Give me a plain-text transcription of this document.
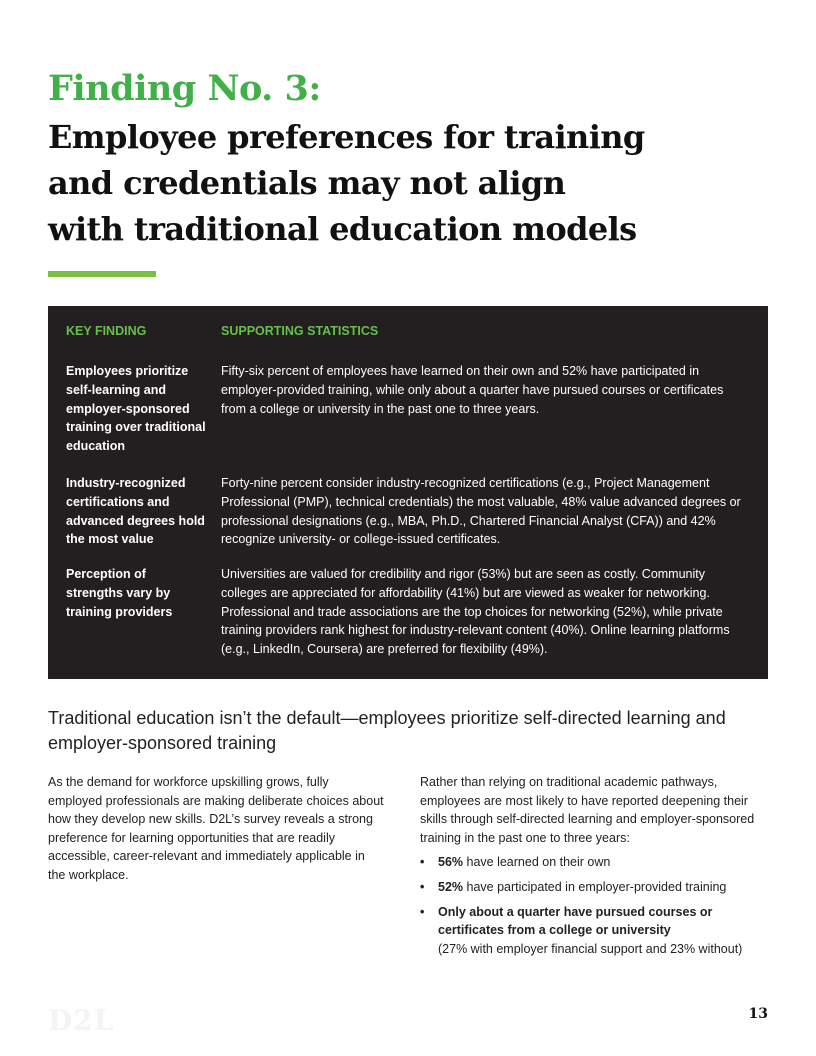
Finding No. 3:
Employee preferences for training
and credentials may not align
with traditional education models
KEY FINDING	SUPPORTING STATISTICS
Employees prioritize self-learning and employer-sponsored training over traditional education
Fifty-six percent of employees have learned on their own and 52% have participated in employer-provided training, while only about a quarter have pursued courses or certificates from a college or university in the past one to three years.
Industry-recognized certifications and advanced degrees hold the most value
Forty-nine percent consider industry-recognized certifications (e.g., Project Management Professional (PMP), technical credentials) the most valuable, 48% value advanced degrees or professional designations (e.g., MBA, Ph.D., Chartered Financial Analyst (CFA)) and 42% recognize university- or college-issued certificates.
Perception of strengths vary by training providers
Universities are valued for credibility and rigor (53%) but are seen as costly. Community colleges are appreciated for affordability (41%) but are viewed as weaker for networking. Professional and trade associations are the top choices for networking (52%), while private training providers rank highest for industry-relevant content (40%). Online learning platforms (e.g., LinkedIn, Coursera) are preferred for flexibility (49%).
Traditional education isn’t the default—employees prioritize self-directed learning and employer-sponsored training

As the demand for workforce upskilling grows, fully employed professionals are making deliberate choices about how they develop new skills. D2L’s survey reveals a strong preference for learning opportunities that are readily accessible, career-relevant and immediately applicable in the workplace.

Rather than relying on traditional academic pathways, employees are most likely to have reported deepening their skills through self-directed learning and employer-sponsored training in the past one to three years:

• 56% have learned on their own
• 52% have participated in employer-provided training
• Only about a quarter have pursued courses or certificates from a college or university
(27% with employer financial support and 23% without)
D2L	13
